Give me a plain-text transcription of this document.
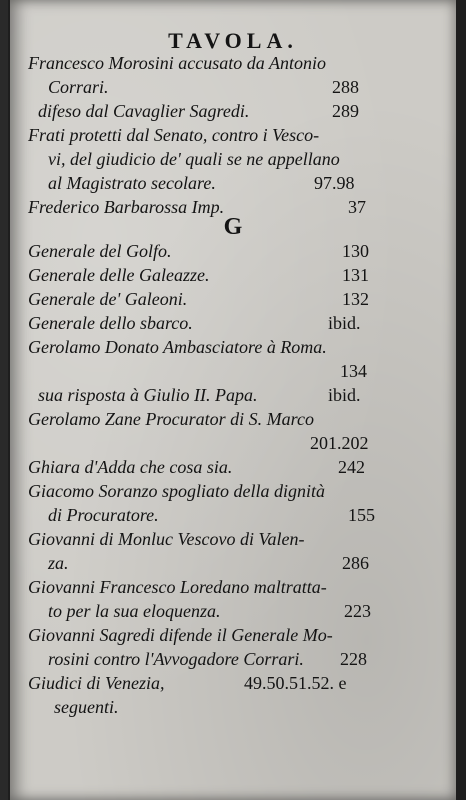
TAVOLA.
Francesco Morosini accusato da Antonio
Corrari.	288
difeso dal Cavaglier Sagredi.	289
Frati protetti dal Senato, contro i Vesco-
vi, del giudicio de' quali se ne appellano
al Magistrato secolare.	97.98
Frederico Barbarossa Imp.	37
G
Generale del Golfo.	130
Generale delle Galeazze.	131
Generale de' Galeoni.	132
Generale dello sbarco.	ibid.
Gerolamo Donato Ambasciatore à Roma.
134
sua risposta à Giulio II. Papa.	ibid.
Gerolamo Zane Procurator di S. Marco
201.202
Ghiara d'Adda che cosa sia.	242
Giacomo Soranzo spogliato della dignità
di Procuratore.	155
Giovanni di Monluc Vescovo di Valen-
za.	286
Giovanni Francesco Loredano maltratta-
to per la sua eloquenza.	223
Giovanni Sagredi difende il Generale Mo-
rosini contro l'Avvogadore Corrari. 228
Giudici di Venezia,	49.50.51.52. e
seguenti.
